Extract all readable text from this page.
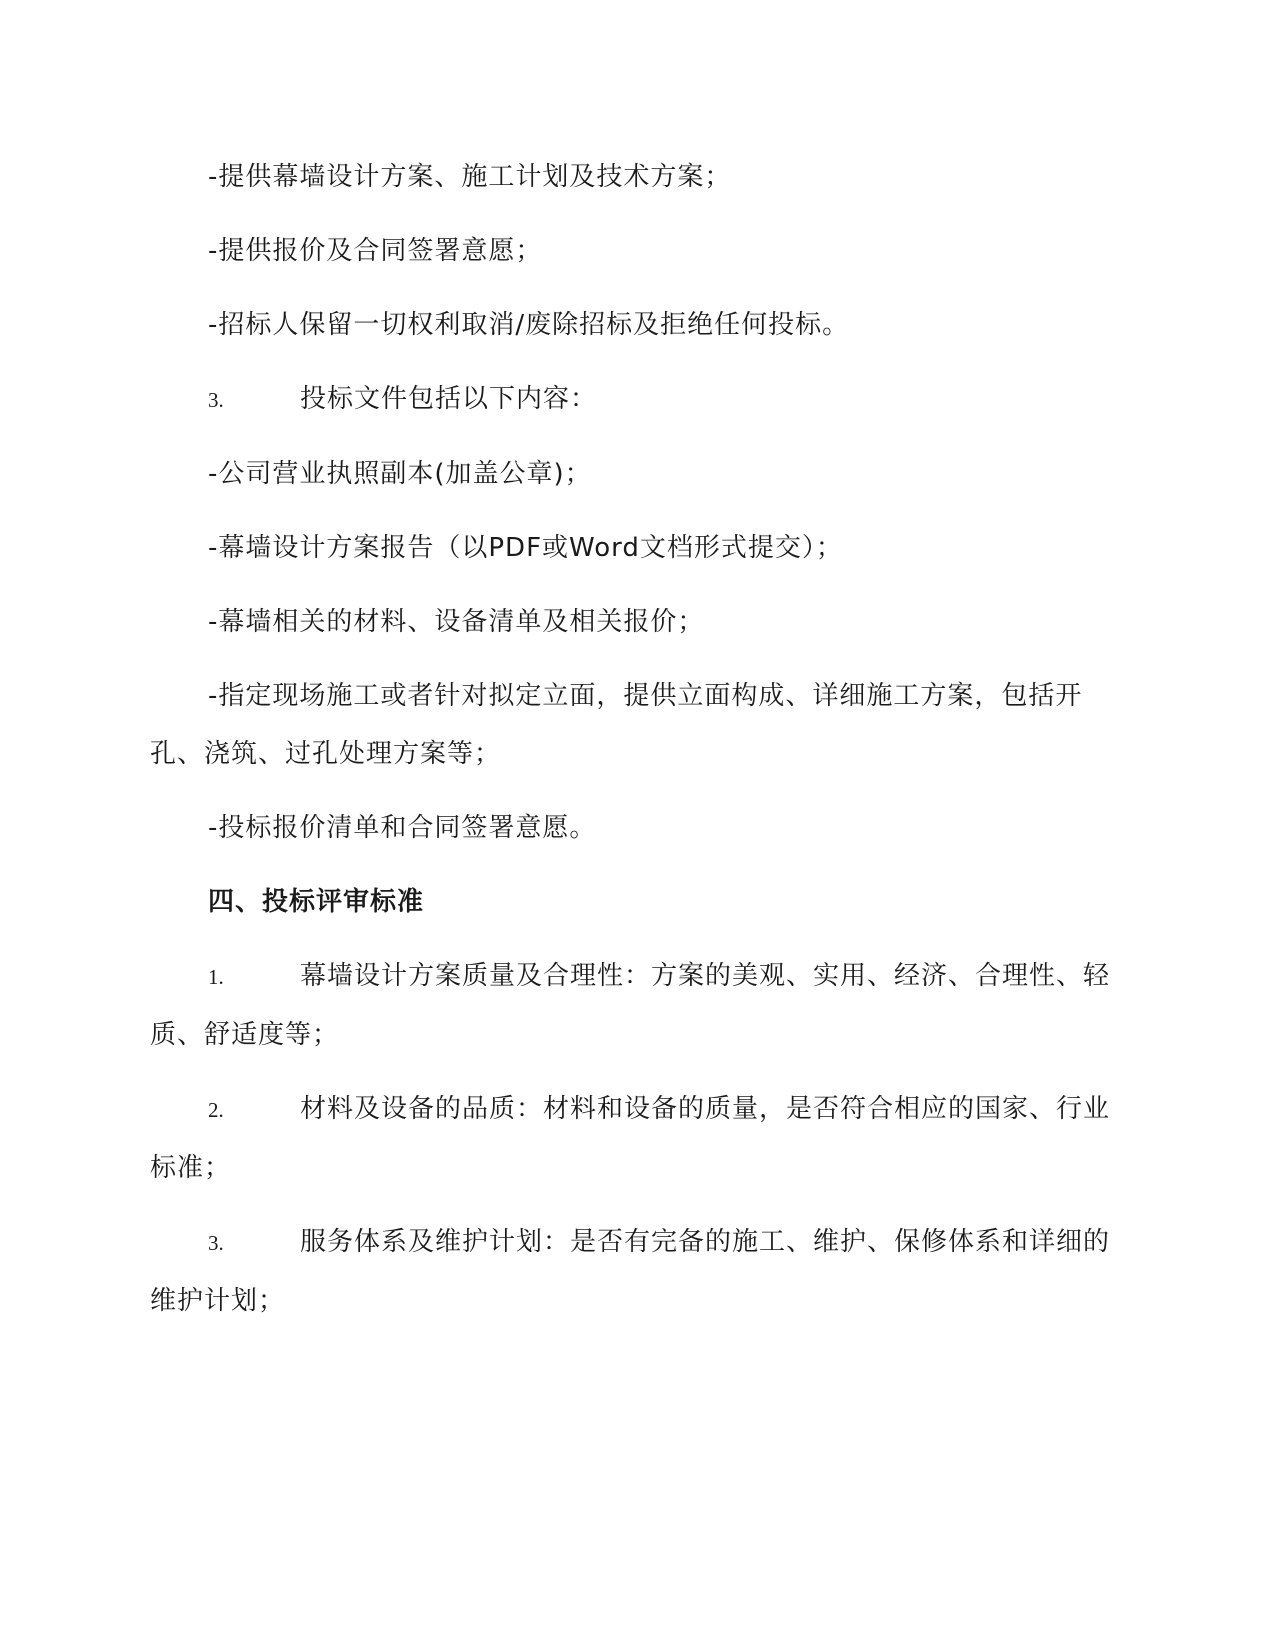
-提供幕墙设计方案、施工计划及技术方案；

-提供报价及合同签署意愿；

-招标人保留一切权利取消/废除招标及拒绝任何投标。

3.	投标文件包括以下内容：

-公司营业执照副本(加盖公章)；

-幕墙设计方案报告（以PDF或Word文档形式提交）；

-幕墙相关的材料、设备清单及相关报价；

-指定现场施工或者针对拟定立面，提供立面构成、详细施工方案，包括开孔、浇筑、过孔处理方案等；

-投标报价清单和合同签署意愿。

四、投标评审标准

1.	幕墙设计方案质量及合理性：方案的美观、实用、经济、合理性、轻质、舒适度等；

2.	材料及设备的品质：材料和设备的质量，是否符合相应的国家、行业标准；

3.	服务体系及维护计划：是否有完备的施工、维护、保修体系和详细的维护计划；
